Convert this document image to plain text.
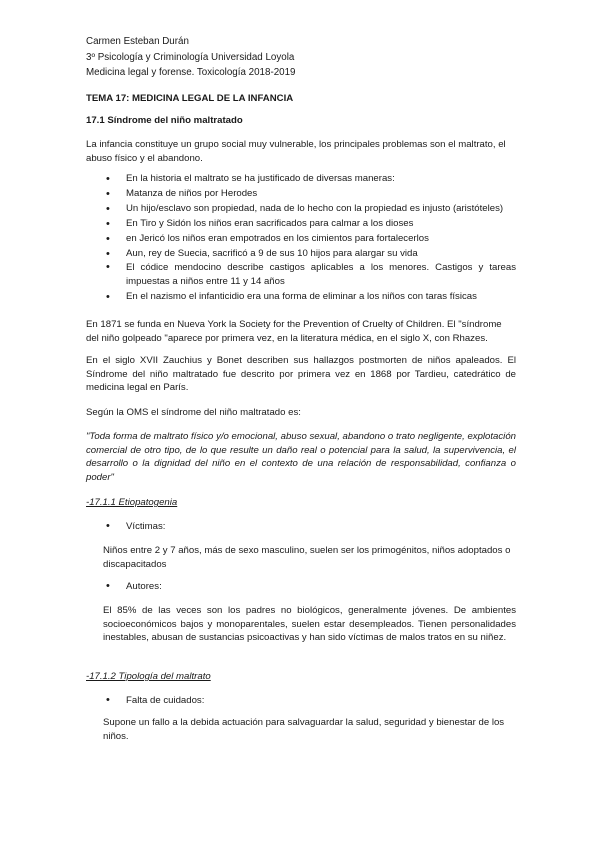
Carmen Esteban Durán

3º Psicología y Criminología Universidad Loyola

Medicina legal y forense. Toxicología 2018-2019

TEMA 17: MEDICINA LEGAL DE LA INFANCIA

17.1 Síndrome del niño maltratado

La infancia constituye un grupo social muy vulnerable, los principales problemas son el maltrato, el abuso físico y el abandono.

• En la historia el maltrato se ha justificado de diversas maneras:
• Matanza de niños por Herodes
• Un hijo/esclavo son propiedad, nada de lo hecho con la propiedad es injusto (aristóteles)
• En Tiro y Sidón los niños eran sacrificados para calmar a los dioses
• en Jericó los niños eran empotrados en los cimientos para fortalecerlos
• Aun, rey de Suecia, sacrificó a 9 de sus 10 hijos para alargar su vida
• El códice mendocino describe castigos aplicables a los menores. Castigos y tareas impuestas a niños entre 11 y 14 años
• En el nazismo el infanticidio era una forma de eliminar a los niños con taras físicas

En 1871 se funda en Nueva York la Society for the Prevention of Cruelty of Children. El "síndrome del niño golpeado "aparece por primera vez, en la literatura médica, en el siglo X, con Rhazes.

En el siglo XVII Zauchius y Bonet describen sus hallazgos postmorten de niños apaleados. El Síndrome del niño maltratado fue descrito por primera vez en 1868 por Tardieu, catedrático de medicina legal en París.

Según la OMS el síndrome del niño maltratado es:

"Toda forma de maltrato físico y/o emocional, abuso sexual, abandono o trato negligente, explotación comercial de otro tipo, de lo que resulte un daño real o potencial para la salud, la supervivencia, el desarrollo o la dignidad del niño en el contexto de una relación de responsabilidad, confianza o poder"

-17.1.1 Etiopatogenia

• Víctimas:

Niños entre 2 y 7 años, más de sexo masculino, suelen ser los primogénitos, niños adoptados o discapacitados

• Autores:

El 85% de las veces son los padres no biológicos, generalmente jóvenes. De ambientes socioeconómicos bajos y monoparentales, suelen estar desempleados. Tienen personalidades inestables, abusan de sustancias psicoactivas y han sido víctimas de malos tratos en su niñez.

-17.1.2 Tipología del maltrato

• Falta de cuidados:

Supone un fallo a la debida actuación para salvaguardar la salud, seguridad y bienestar de los niños.
